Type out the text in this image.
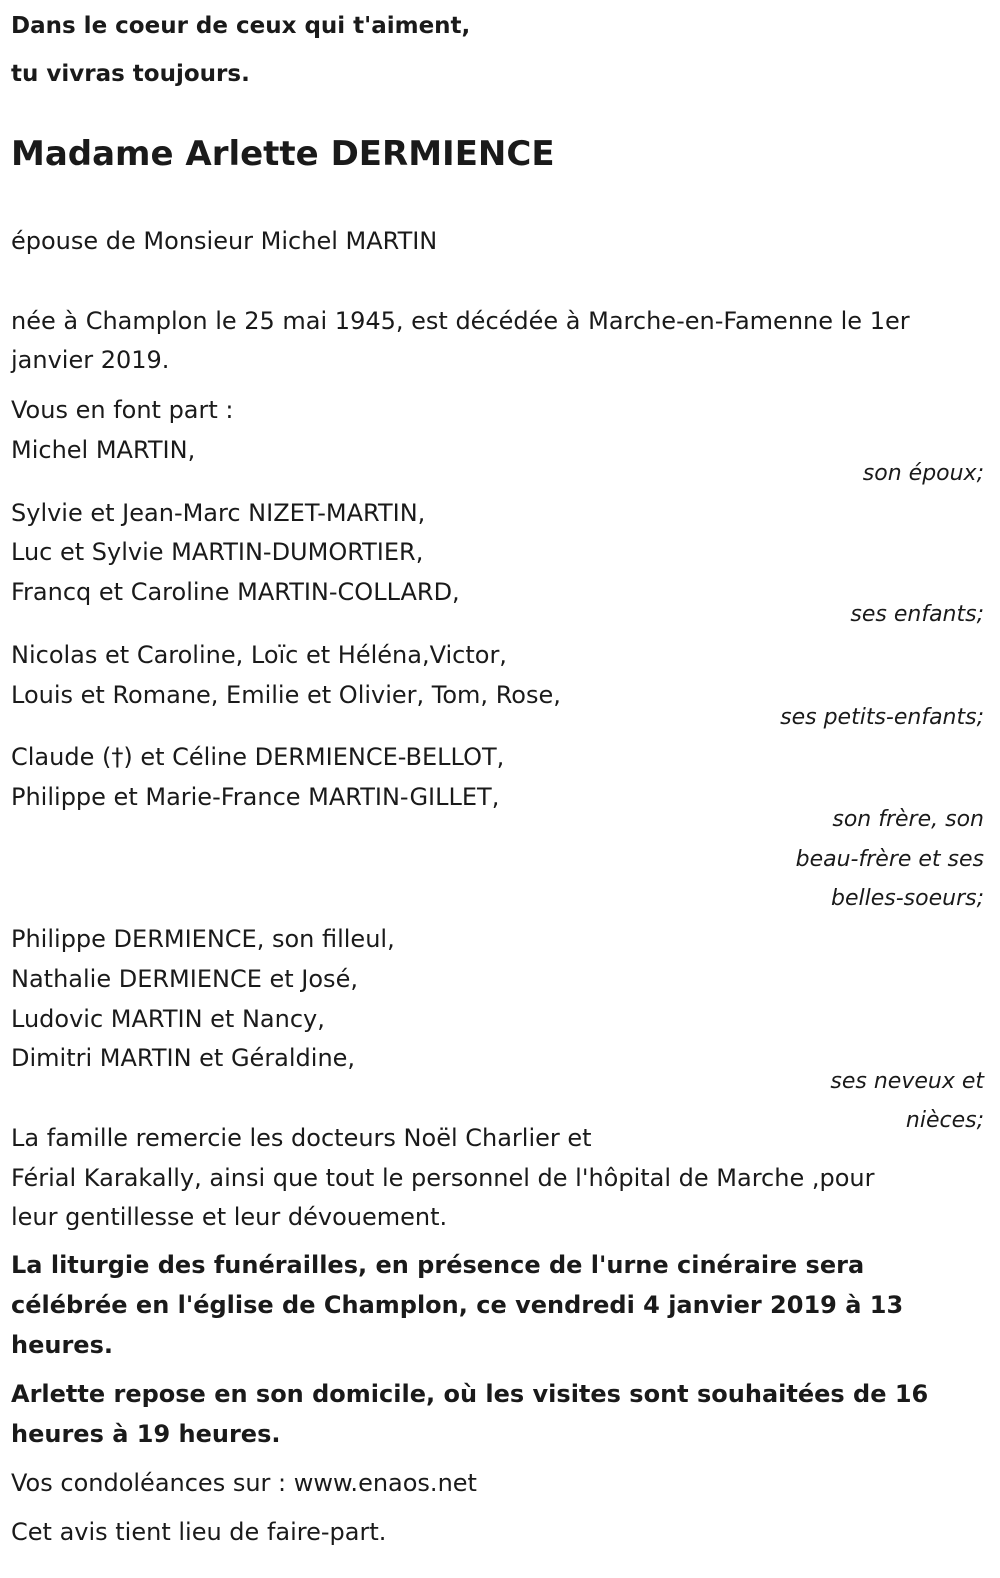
Dans le coeur de ceux qui t'aiment,

tu vivras toujours.

Madame Arlette DERMIENCE

épouse de Monsieur Michel MARTIN

née à Champlon le 25 mai 1945, est décédée à Marche-en-Famenne le 1er

janvier 2019.

Vous en font part :

Michel MARTIN,

son époux;

Sylvie et Jean-Marc NIZET-MARTIN,

Luc et Sylvie MARTIN-DUMORTIER,

Francq et Caroline MARTIN-COLLARD,

ses enfants;

Nicolas et Caroline, Loïc et Héléna,Victor,

Louis et Romane, Emilie et Olivier, Tom, Rose,

ses petits-enfants;

Claude (†) et Céline DERMIENCE-BELLOT,

Philippe et Marie-France MARTIN-GILLET,

son frère, son

beau-frère et ses

belles-soeurs;

Philippe DERMIENCE, son filleul,

Nathalie DERMIENCE et José,

Ludovic MARTIN et Nancy,

Dimitri MARTIN et Géraldine,

ses neveux et

nièces;

La famille remercie les docteurs Noël Charlier et

Férial Karakally, ainsi que tout le personnel de l'hôpital de Marche ,pour

leur gentillesse et leur dévouement.

La liturgie des funérailles, en présence de l'urne cinéraire sera

célébrée en l'église de Champlon, ce vendredi 4 janvier 2019 à 13

heures.

Arlette repose en son domicile, où les visites sont souhaitées de 16

heures à 19 heures.

Vos condoléances sur : www.enaos.net

Cet avis tient lieu de faire-part.
